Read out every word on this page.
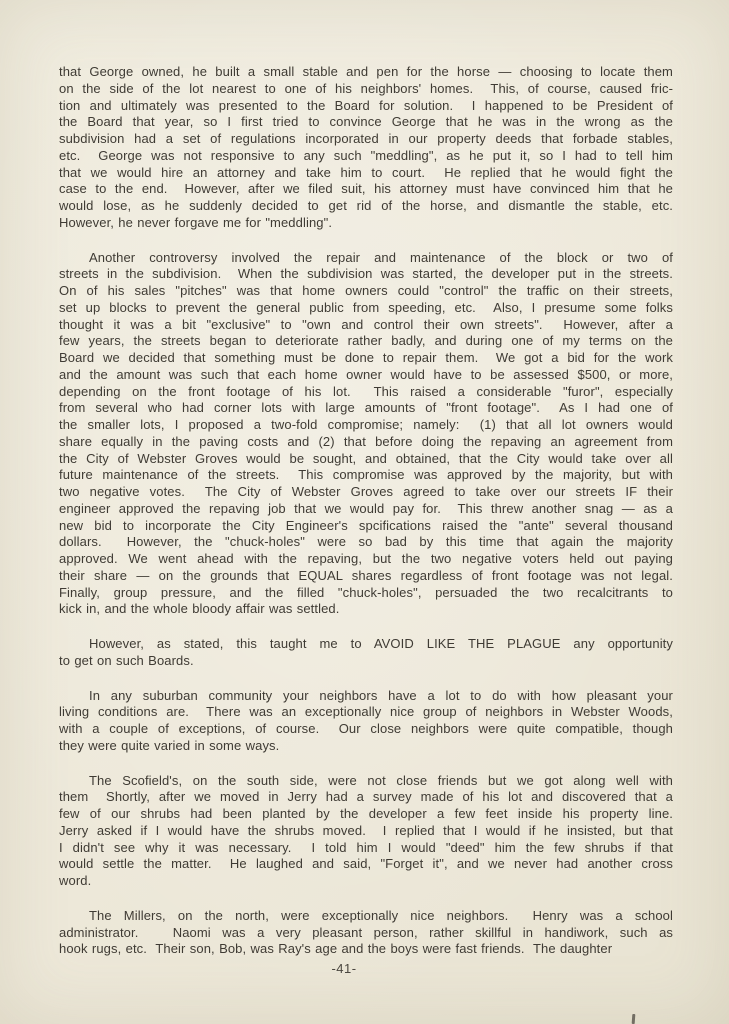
that George owned, he built a small stable and pen for the horse — choosing to locate them
on the side of the lot nearest to one of his neighbors' homes.  This, of course, caused fric-
tion and ultimately was presented to the Board for solution.  I happened to be President of
the Board that year, so I first tried to convince George that he was in the wrong as the
subdivision had a set of regulations incorporated in our property deeds that forbade stables,
etc.  George was not responsive to any such "meddling", as he put it, so I had to tell him
that we would hire an attorney and take him to court.  He replied that he would fight the
case to the end.  However, after we filed suit, his attorney must have convinced him that he
would lose, as he suddenly decided to get rid of the horse, and dismantle the stable, etc.
However, he never forgave me for "meddling".

Another controversy involved the repair and maintenance of the block or two of
streets in the subdivision.  When the subdivision was started, the developer put in the streets.
On of his sales "pitches" was that home owners could "control" the traffic on their streets,
set up blocks to prevent the general public from speeding, etc.  Also, I presume some folks
thought it was a bit "exclusive" to "own and control their own streets".  However, after a
few years, the streets began to deteriorate rather badly, and during one of my terms on the
Board we decided that something must be done to repair them.  We got a bid for the work
and the amount was such that each home owner would have to be assessed $500, or more,
depending on the front footage of his lot.  This raised a considerable "furor", especially
from several who had corner lots with large amounts of "front footage".  As I had one of
the smaller lots, I proposed a two-fold compromise; namely:  (1) that all lot owners would
share equally in the paving costs and (2) that before doing the repaving an agreement from
the City of Webster Groves would be sought, and obtained, that the City would take over all
future maintenance of the streets.  This compromise was approved by the majority, but with
two negative votes.  The City of Webster Groves agreed to take over our streets IF their
engineer approved the repaving job that we would pay for.  This threw another snag — as a
new bid to incorporate the City Engineer's spcifications raised the "ante" several thousand
dollars.  However, the "chuck-holes" were so bad by this time that again the majority
approved. We went ahead with the repaving, but the two negative voters held out paying
their share — on the grounds that EQUAL shares regardless of front footage was not legal.
Finally, group pressure, and the filled "chuck-holes", persuaded the two recalcitrants to
kick in, and the whole bloody affair was settled.

However, as stated, this taught me to AVOID LIKE THE PLAGUE any opportunity
to get on such Boards.

In any suburban community your neighbors have a lot to do with how pleasant your
living conditions are.  There was an exceptionally nice group of neighbors in Webster Woods,
with a couple of exceptions, of course.  Our close neighbors were quite compatible, though
they were quite varied in some ways.

The Scofield's, on the south side, were not close friends but we got along well with
them  Shortly, after we moved in Jerry had a survey made of his lot and discovered that a
few of our shrubs had been planted by the developer a few feet inside his property line.
Jerry asked if I would have the shrubs moved.  I replied that I would if he insisted, but that
I didn't see why it was necessary.  I told him I would "deed" him the few shrubs if that
would settle the matter.  He laughed and said, "Forget it", and we never had another cross
word.

The Millers, on the north, were exceptionally nice neighbors.  Henry was a school
administrator.   Naomi was a very pleasant person, rather skillful in handiwork, such as
hook rugs, etc.  Their son, Bob, was Ray's age and the boys were fast friends.  The daughter

-41-
